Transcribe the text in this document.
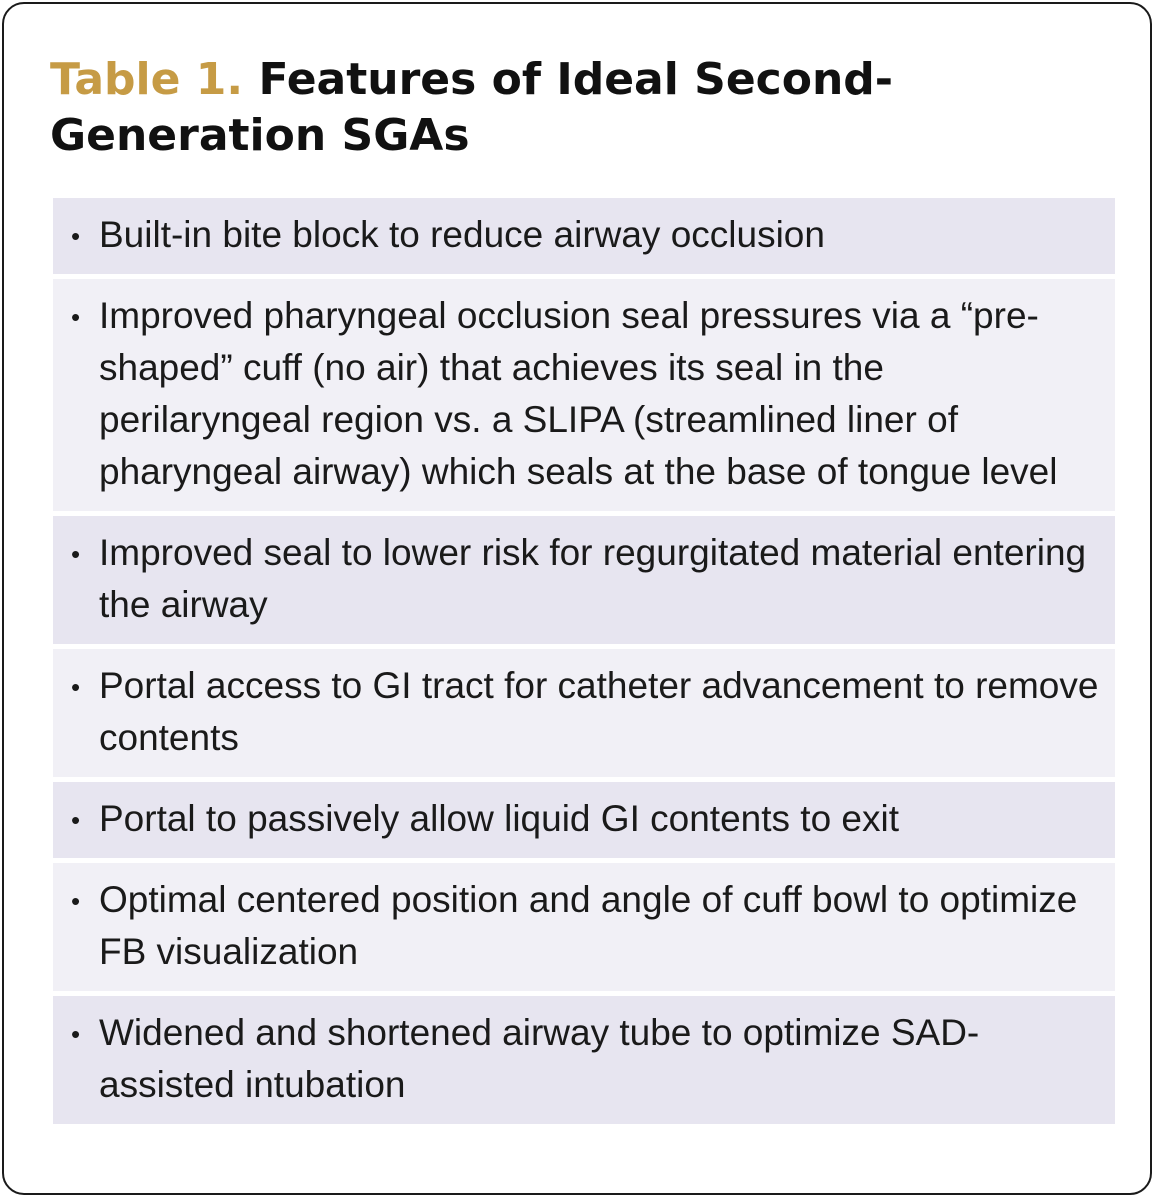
Table 1. Features of Ideal Second-Generation SGAs
• Built-in bite block to reduce airway occlusion
• Improved pharyngeal occlusion seal pressures via a “pre-shaped” cuff (no air) that achieves its seal in the perilaryngeal region vs. a SLIPA (streamlined liner of pharyngeal airway) which seals at the base of tongue level
• Improved seal to lower risk for regurgitated material entering the airway
• Portal access to GI tract for catheter advancement to remove contents
• Portal to passively allow liquid GI contents to exit
• Optimal centered position and angle of cuff bowl to optimize FB visualization
• Widened and shortened airway tube to optimize SAD-assisted intubation
